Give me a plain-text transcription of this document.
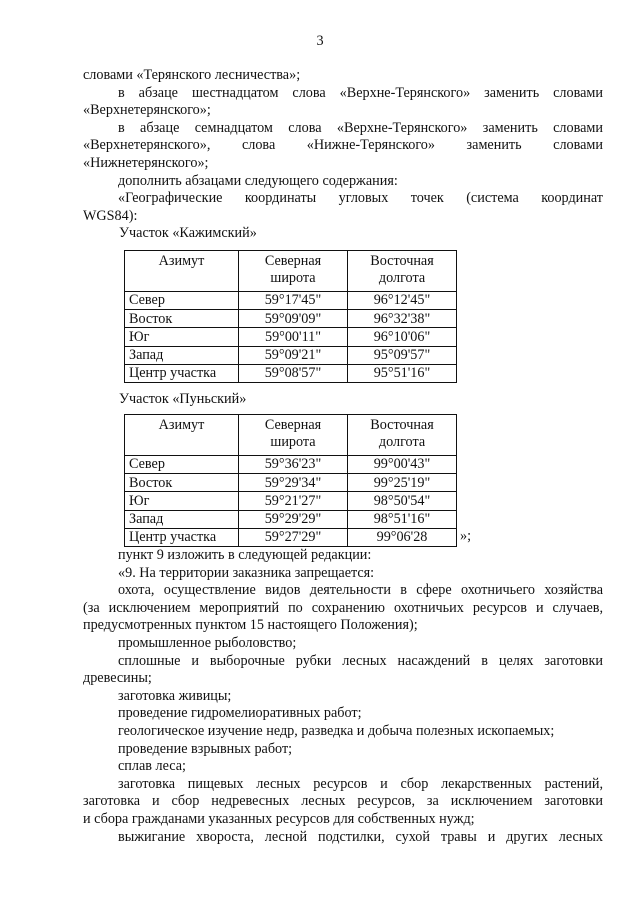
3
словами «Терянского лесничества»;
в абзаце шестнадцатом слова «Верхне-Терянского» заменить словами
«Верхнетерянского»;
в абзаце семнадцатом слова «Верхне-Терянского» заменить словами
«Верхнетерянского», слова «Нижне-Терянского» заменить словами
«Нижнетерянского»;
дополнить абзацами следующего содержания:
«Географические координаты угловых точек (система координат
WGS84):
Участок «Кажимский»
Азимут	Северная широта	Восточная долгота
Север	59°17'45"	96°12'45"
Восток	59°09'09"	96°32'38"
Юг	59°00'11"	96°10'06"
Запад	59°09'21"	95°09'57"
Центр участка	59°08'57"	95°51'16"
Участок «Пуньский»
Азимут	Северная широта	Восточная долгота
Север	59°36'23"	99°00'43"
Восток	59°29'34"	99°25'19"
Юг	59°21'27"	98°50'54"
Запад	59°29'29"	98°51'16"
Центр участка	59°27'29"	99°06'28 »;
пункт 9 изложить в следующей редакции:
«9. На территории заказника запрещается:
охота, осуществление видов деятельности в сфере охотничьего хозяйства
(за исключением мероприятий по сохранению охотничьих ресурсов и случаев,
предусмотренных пунктом 15 настоящего Положения);
промышленное рыболовство;
сплошные и выборочные рубки лесных насаждений в целях заготовки
древесины;
заготовка живицы;
проведение гидромелиоративных работ;
геологическое изучение недр, разведка и добыча полезных ископаемых;
проведение взрывных работ;
сплав леса;
заготовка пищевых лесных ресурсов и сбор лекарственных растений,
заготовка и сбор недревесных лесных ресурсов, за исключением заготовки
и сбора гражданами указанных ресурсов для собственных нужд;
выжигание хвороста, лесной подстилки, сухой травы и других лесных
